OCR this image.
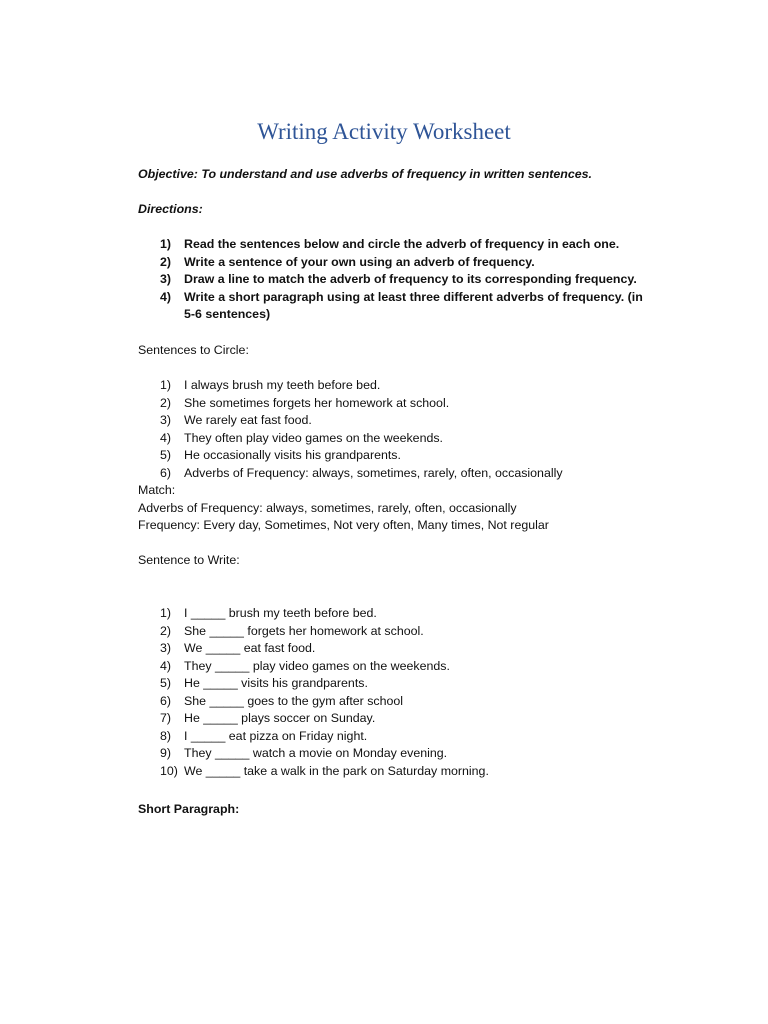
Writing Activity Worksheet
Objective: To understand and use adverbs of frequency in written sentences.
Directions:
1)	Read the sentences below and circle the adverb of frequency in each one.
2)	Write a sentence of your own using an adverb of frequency.
3)	Draw a line to match the adverb of frequency to its corresponding frequency.
4)	Write a short paragraph using at least three different adverbs of frequency. (in 5-6 sentences)
Sentences to Circle:
1)	I always brush my teeth before bed.
2)	She sometimes forgets her homework at school.
3)	We rarely eat fast food.
4)	They often play video games on the weekends.
5)	He occasionally visits his grandparents.
6)	Adverbs of Frequency: always, sometimes, rarely, often, occasionally
Match:
Adverbs of Frequency: always, sometimes, rarely, often, occasionally
Frequency: Every day, Sometimes, Not very often, Many times, Not regular
Sentence to Write:
1)	I _____ brush my teeth before bed.
2)	She _____ forgets her homework at school.
3)	We _____ eat fast food.
4)	They _____ play video games on the weekends.
5)	He _____ visits his grandparents.
6)	She _____ goes to the gym after school
7)	He _____ plays soccer on Sunday.
8)	I _____ eat pizza on Friday night.
9)	They _____ watch a movie on Monday evening.
10) We _____ take a walk in the park on Saturday morning.
Short Paragraph:
